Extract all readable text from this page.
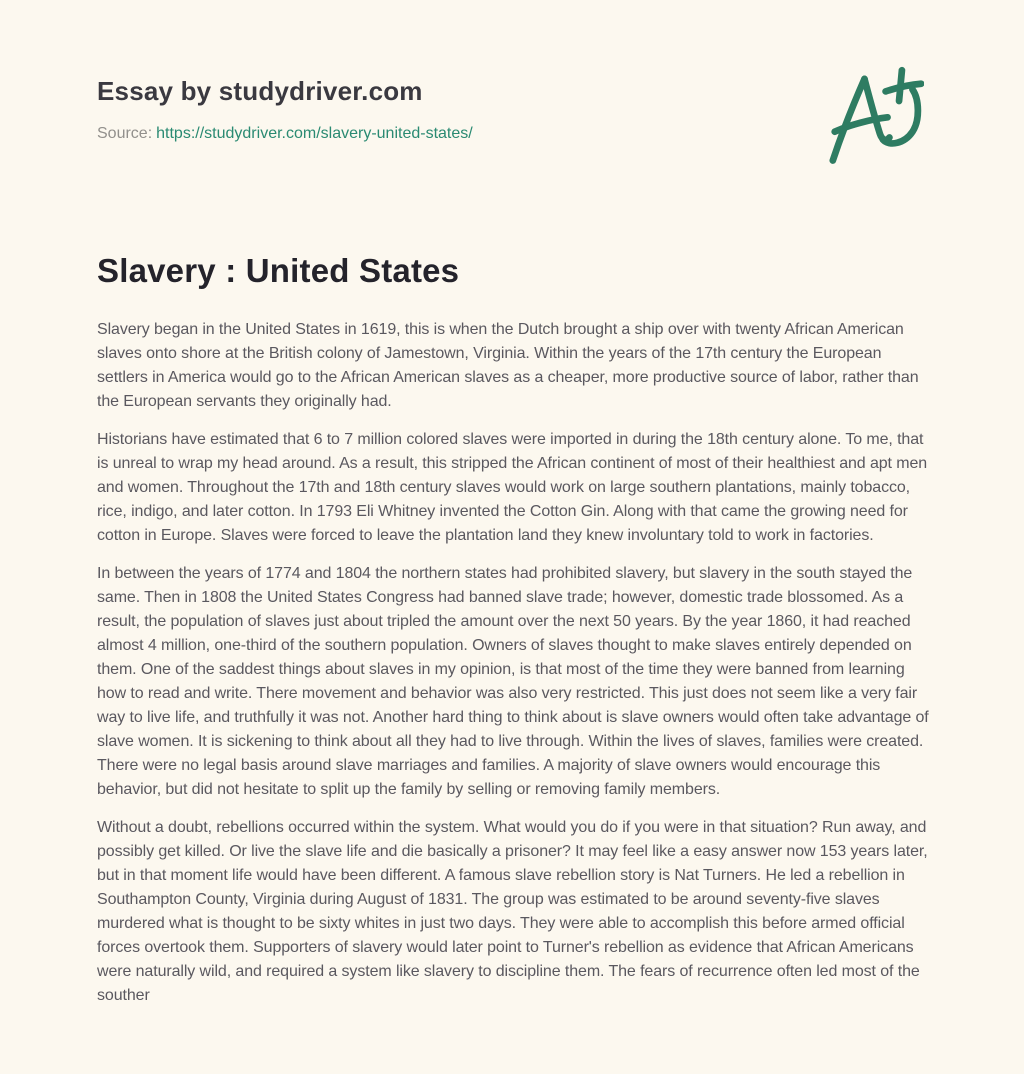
Essay by studydriver.com
Source: https://studydriver.com/slavery-united-states/
Slavery : United States

Slavery began in the United States in 1619, this is when the Dutch brought a ship over with twenty African American slaves onto shore at the British colony of Jamestown, Virginia. Within the years of the 17th century the European settlers in America would go to the African American slaves as a cheaper, more productive source of labor, rather than the European servants they originally had.

Historians have estimated that 6 to 7 million colored slaves were imported in during the 18th century alone. To me, that is unreal to wrap my head around. As a result, this stripped the African continent of most of their healthiest and apt men and women. Throughout the 17th and 18th century slaves would work on large southern plantations, mainly tobacco, rice, indigo, and later cotton. In 1793 Eli Whitney invented the Cotton Gin. Along with that came the growing need for cotton in Europe. Slaves were forced to leave the plantation land they knew involuntary told to work in factories.

In between the years of 1774 and 1804 the northern states had prohibited slavery, but slavery in the south stayed the same. Then in 1808 the United States Congress had banned slave trade; however, domestic trade blossomed. As a result, the population of slaves just about tripled the amount over the next 50 years. By the year 1860, it had reached almost 4 million, one-third of the southern population. Owners of slaves thought to make slaves entirely depended on them. One of the saddest things about slaves in my opinion, is that most of the time they were banned from learning how to read and write. There movement and behavior was also very restricted. This just does not seem like a very fair way to live life, and truthfully it was not. Another hard thing to think about is slave owners would often take advantage of slave women. It is sickening to think about all they had to live through. Within the lives of slaves, families were created. There were no legal basis around slave marriages and families. A majority of slave owners would encourage this behavior, but did not hesitate to split up the family by selling or removing family members.

Without a doubt, rebellions occurred within the system. What would you do if you were in that situation? Run away, and possibly get killed. Or live the slave life and die basically a prisoner? It may feel like a easy answer now 153 years later, but in that moment life would have been different. A famous slave rebellion story is Nat Turners. He led a rebellion in Southampton County, Virginia during August of 1831. The group was estimated to be around seventy-five slaves murdered what is thought to be sixty whites in just two days. They were able to accomplish this before armed official forces overtook them. Supporters of slavery would later point to Turner's rebellion as evidence that African Americans were naturally wild, and required a system like slavery to discipline them. The fears of recurrence often led most of the souther
